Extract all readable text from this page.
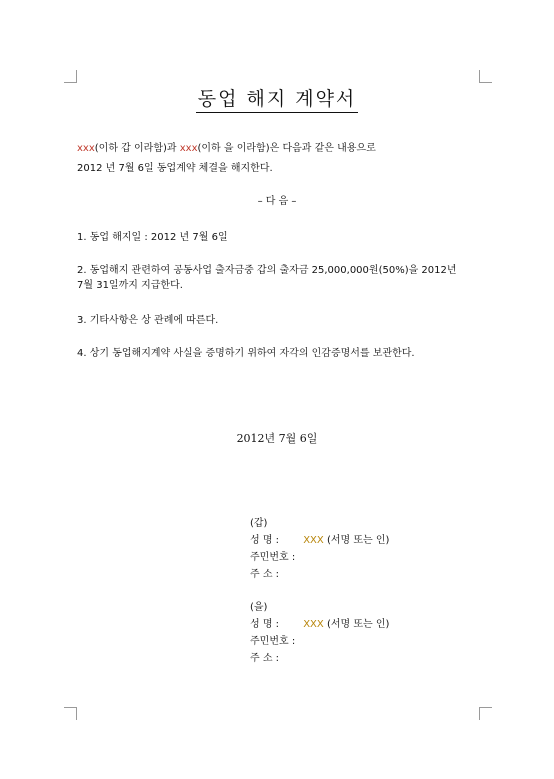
동업 해지 계약서
xxx(이하 갑 이라함)과 xxx(이하 을 이라함)은 다음과 같은 내용으로
2012 년 7월 6일 동업계약 체결을 해지한다.
– 다 음 –
1. 동업 해지일 : 2012 년 7월 6일
2. 동업해지 관련하여 공동사업 출자금중 갑의 출자금 25,000,000원(50%)을 2012년
7월 31일까지 지급한다.
3. 기타사항은 상 관례에 따른다.
4. 상기 동업해지계약 사실을 증명하기 위하여 자각의 인감증명서를 보관한다.
2012년 7월 6일
(갑)
성 명 : XXX (서명 또는 인)
주민번호 :
주 소 :
(을)
성 명 : XXX (서명 또는 인)
주민번호 :
주 소 :
